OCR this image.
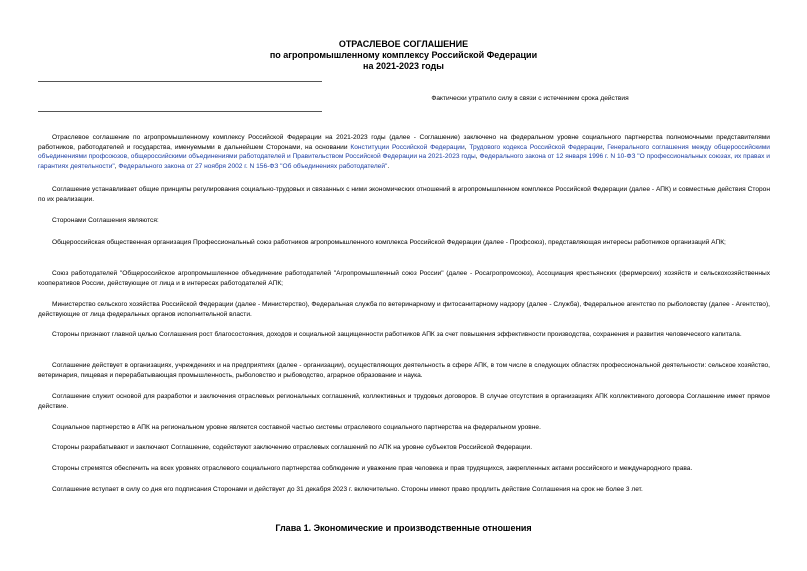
ОТРАСЛЕВОЕ СОГЛАШЕНИЕ
по агропромышленному комплексу Российской Федерации
на 2021-2023 годы
Фактически утратило силу в связи с истечением срока действия

Отраслевое соглашение по агропромышленному комплексу Российской Федерации на 2021-2023 годы (далее - Соглашение) заключено на федеральном уровне социального партнерства полномочными представителями работников, работодателей и государства, именуемыми в дальнейшем Сторонами, на основании Конституции Российской Федерации, Трудового кодекса Российской Федерации, Генерального соглашения между общероссийскими объединениями профсоюзов, общероссийскими объединениями работодателей и Правительством Российской Федерации на 2021-2023 годы, Федерального закона от 12 января 1996 г. N 10-ФЗ "О профессиональных союзах, их правах и гарантиях деятельности", Федерального закона от 27 ноября 2002 г. N 156-ФЗ "Об объединениях работодателей".

Соглашение устанавливает общие принципы регулирования социально-трудовых и связанных с ними экономических отношений в агропромышленном комплексе Российской Федерации (далее - АПК) и совместные действия Сторон по их реализации.

Сторонами Соглашения являются:

Общероссийская общественная организация Профессиональный союз работников агропромышленного комплекса Российской Федерации (далее - Профсоюз), представляющая интересы работников организаций АПК;

Союз работодателей "Общероссийское агропромышленное объединение работодателей "Агропромышленный союз России" (далее - Росагропромсоюз), Ассоциация крестьянских (фермерских) хозяйств и сельскохозяйственных кооперативов России, действующие от лица и в интересах работодателей АПК;

Министерство сельского хозяйства Российской Федерации (далее - Министерство), Федеральная служба по ветеринарному и фитосанитарному надзору (далее - Служба), Федеральное агентство по рыболовству (далее - Агентство), действующие от лица федеральных органов исполнительной власти.

Стороны признают главной целью Соглашения рост благосостояния, доходов и социальной защищенности работников АПК за счет повышения эффективности производства, сохранения и развития человеческого капитала.

Соглашение действует в организациях, учреждениях и на предприятиях (далее - организации), осуществляющих деятельность в сфере АПК, в том числе в следующих областях профессиональной деятельности: сельское хозяйство, ветеринария, пищевая и перерабатывающая промышленность, рыболовство и рыбоводство, аграрное образование и наука.

Соглашение служит основой для разработки и заключения отраслевых региональных соглашений, коллективных и трудовых договоров. В случае отсутствия в организациях АПК коллективного договора Соглашение имеет прямое действие.

Социальное партнерство в АПК на региональном уровне является составной частью системы отраслевого социального партнерства на федеральном уровне.

Стороны разрабатывают и заключают Соглашение, содействуют заключению отраслевых соглашений по АПК на уровне субъектов Российской Федерации.

Стороны стремятся обеспечить на всех уровнях отраслевого социального партнерства соблюдение и уважение прав человека и прав трудящихся, закрепленных актами российского и международного права.

Соглашение вступает в силу со дня его подписания Сторонами и действует до 31 декабря 2023 г. включительно. Стороны имеют право продлить действие Соглашения на срок не более 3 лет.

Глава 1. Экономические и производственные отношения
